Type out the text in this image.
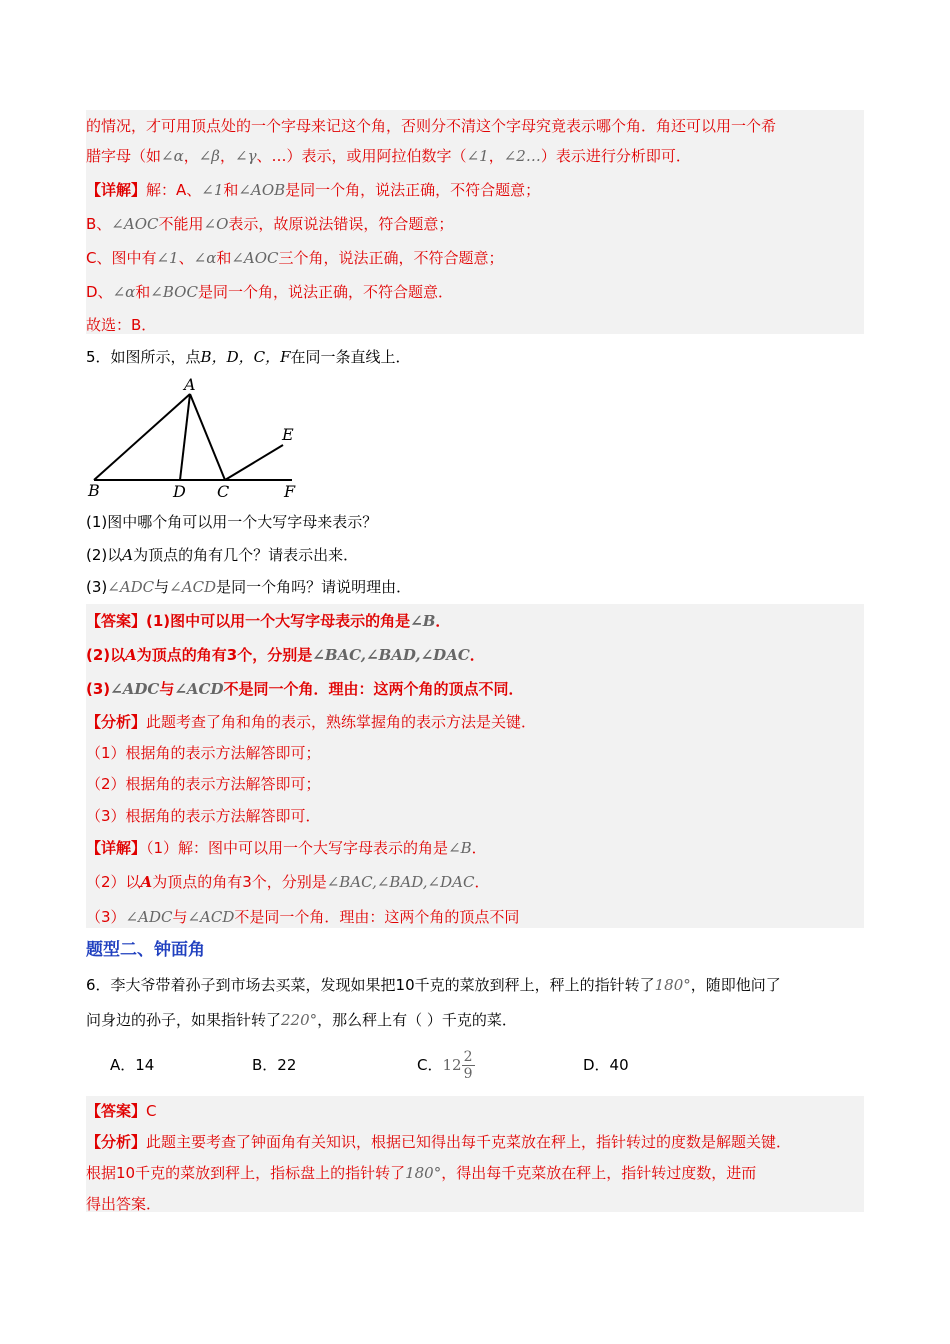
的情况，才可用顶点处的一个字母来记这个角，否则分不清这个字母究竟表示哪个角．角还可以用一个希
腊字母（如∠α，∠β，∠γ、…）表示，或用阿拉伯数字（∠1，∠2…）表示进行分析即可．
【详解】解：A、∠1和∠AOB是同一个角，说法正确，不符合题意；
B、∠AOC不能用∠O表示，故原说法错误，符合题意；
C、图中有∠1、∠α和∠AOC三个角，说法正确，不符合题意；
D、∠α和∠BOC是同一个角，说法正确，不符合题意．
故选：B．
5．如图所示，点B，D，C，F在同一条直线上．
A
B	D C
E
F
(1)图中哪个角可以用一个大写字母来表示？
(2)以A为顶点的角有几个？请表示出来．
(3)∠ADC与∠ACD是同一个角吗？请说明理由．
【答案】(1)图中可以用一个大写字母表示的角是∠B．
(2)以A为顶点的角有3个，分别是∠BAC,∠BAD,∠DAC．
(3)∠ADC与∠ACD不是同一个角．理由：这两个角的顶点不同．
【分析】此题考查了角和角的表示，熟练掌握角的表示方法是关键．
（1）根据角的表示方法解答即可；
（2）根据角的表示方法解答即可；
（3）根据角的表示方法解答即可．
【详解】（1）解：图中可以用一个大写字母表示的角是∠B．
（2）以A为顶点的角有3个，分别是∠BAC,∠BAD,∠DAC．
（3）∠ADC与∠ACD不是同一个角．理由：这两个角的顶点不同
题型二、钟面角
6．李大爷带着孙子到市场去买菜，发现如果把10千克的菜放到秤上，秤上的指针转了180°，随即他问了
问身边的孙子，如果指针转了220°，那么秤上有（ ）千克的菜．
A．14	B．22	C．$12 \frac{2}{9}$	D．40
【答案】C
【分析】此题主要考查了钟面角有关知识，根据已知得出每千克菜放在秤上，指针转过的度数是解题关键．
根据10千克的菜放到秤上，指标盘上的指针转了180°，得出每千克菜放在秤上，指针转过度数，进而
得出答案．
